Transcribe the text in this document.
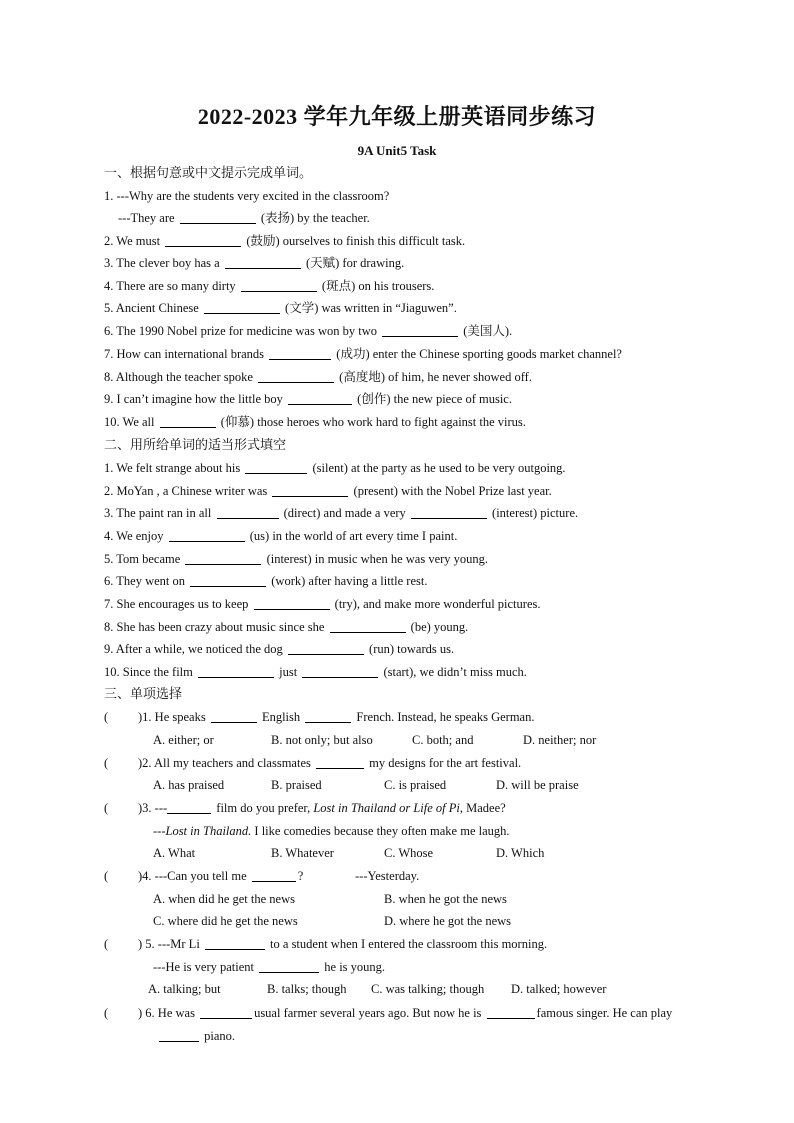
2022-2023 学年九年级上册英语同步练习
9A Unit5 Task
一、根据句意或中文提示完成单词。
1. ---Why are the students very excited in the classroom?
---They are	(表扬) by the teacher.
2. We must	(鼓励) ourselves to finish this difficult task.
3. The clever boy has a	(天赋) for drawing.
4. There are so many dirty	(斑点) on his trousers.
5. Ancient Chinese	(文学) was written in “Jiaguwen”.
6. The 1990 Nobel prize for medicine was won by two	(美国人).
7. How can international brands	(成功) enter the Chinese sporting goods market channel?
8. Although the teacher spoke	(高度地) of him, he never showed off.
9. I can’t imagine how the little boy	(创作) the new piece of music.
10. We all	(仰慕) those heroes who work hard to fight against the virus.
二、用所给单词的适当形式填空
1. We felt strange about his	(silent) at the party as he used to be very outgoing.
2. MoYan , a Chinese writer was	(present) with the Nobel Prize last year.
3. The paint ran in all	(direct) and made a very	(interest) picture.
4. We enjoy	(us) in the world of art every time I paint.
5. Tom became	(interest) in music when he was very young.
6. They went on	(work) after having a little rest.
7. She encourages us to keep	(try), and make more wonderful pictures.
8. She has been crazy about music since she	(be) young.
9. After a while, we noticed the dog	(run) towards us.
10. Since the film	just	(start), we didn’t miss much.
三、单项选择
( )1. He speaks	English	French. Instead, he speaks German.
A. either; or	B. not only; but also	C. both; and	D. neither; nor
( )2. All my teachers and classmates	my designs for the art festival.
A. has praised	B. praised	C. is praised	D. will be praise
( )3. ---	film do you prefer, Lost in Thailand or Life of Pi, Madee?
---Lost in Thailand. I like comedies because they often make me laugh.
A. What	B. Whatever	C. Whose	D. Which
( )4. ---Can you tell me	?	---Yesterday.
A. when did he get the news	B. when he got the news
C. where did he get the news	D. where he got the news
( ) 5. ---Mr Li	to a student when I entered the classroom this morning.
---He is very patient	he is young.
A. talking; but	B. talks; though C. was talking; though D. talked; however
( ) 6. He was	usual farmer several years ago. But now he is	famous singer. He can play
piano.
